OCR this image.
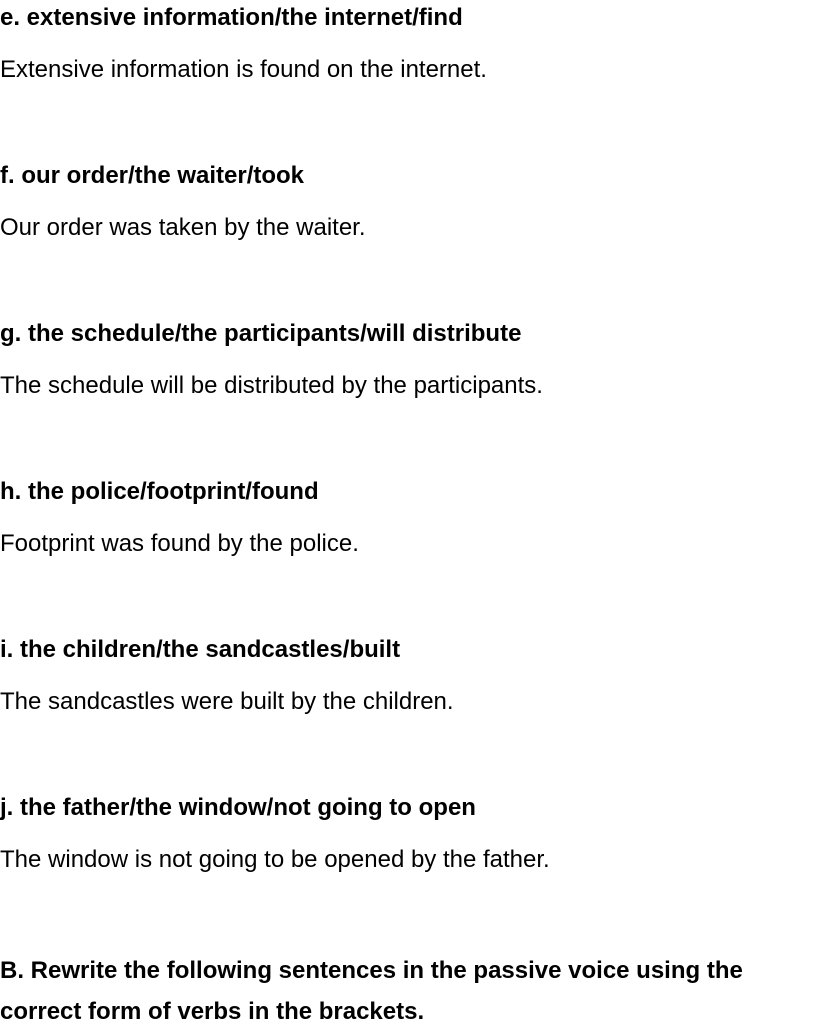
e. extensive information/the internet/find
Extensive information is found on the internet.
f. our order/the waiter/took
Our order was taken by the waiter.
g. the schedule/the participants/will distribute
The schedule will be distributed by the participants.
h. the police/footprint/found
Footprint was found by the police.
i. the children/the sandcastles/built
The sandcastles were built by the children.
j. the father/the window/not going to open
The window is not going to be opened by the father.

B. Rewrite the following sentences in the passive voice using the correct form of verbs in the brackets.
